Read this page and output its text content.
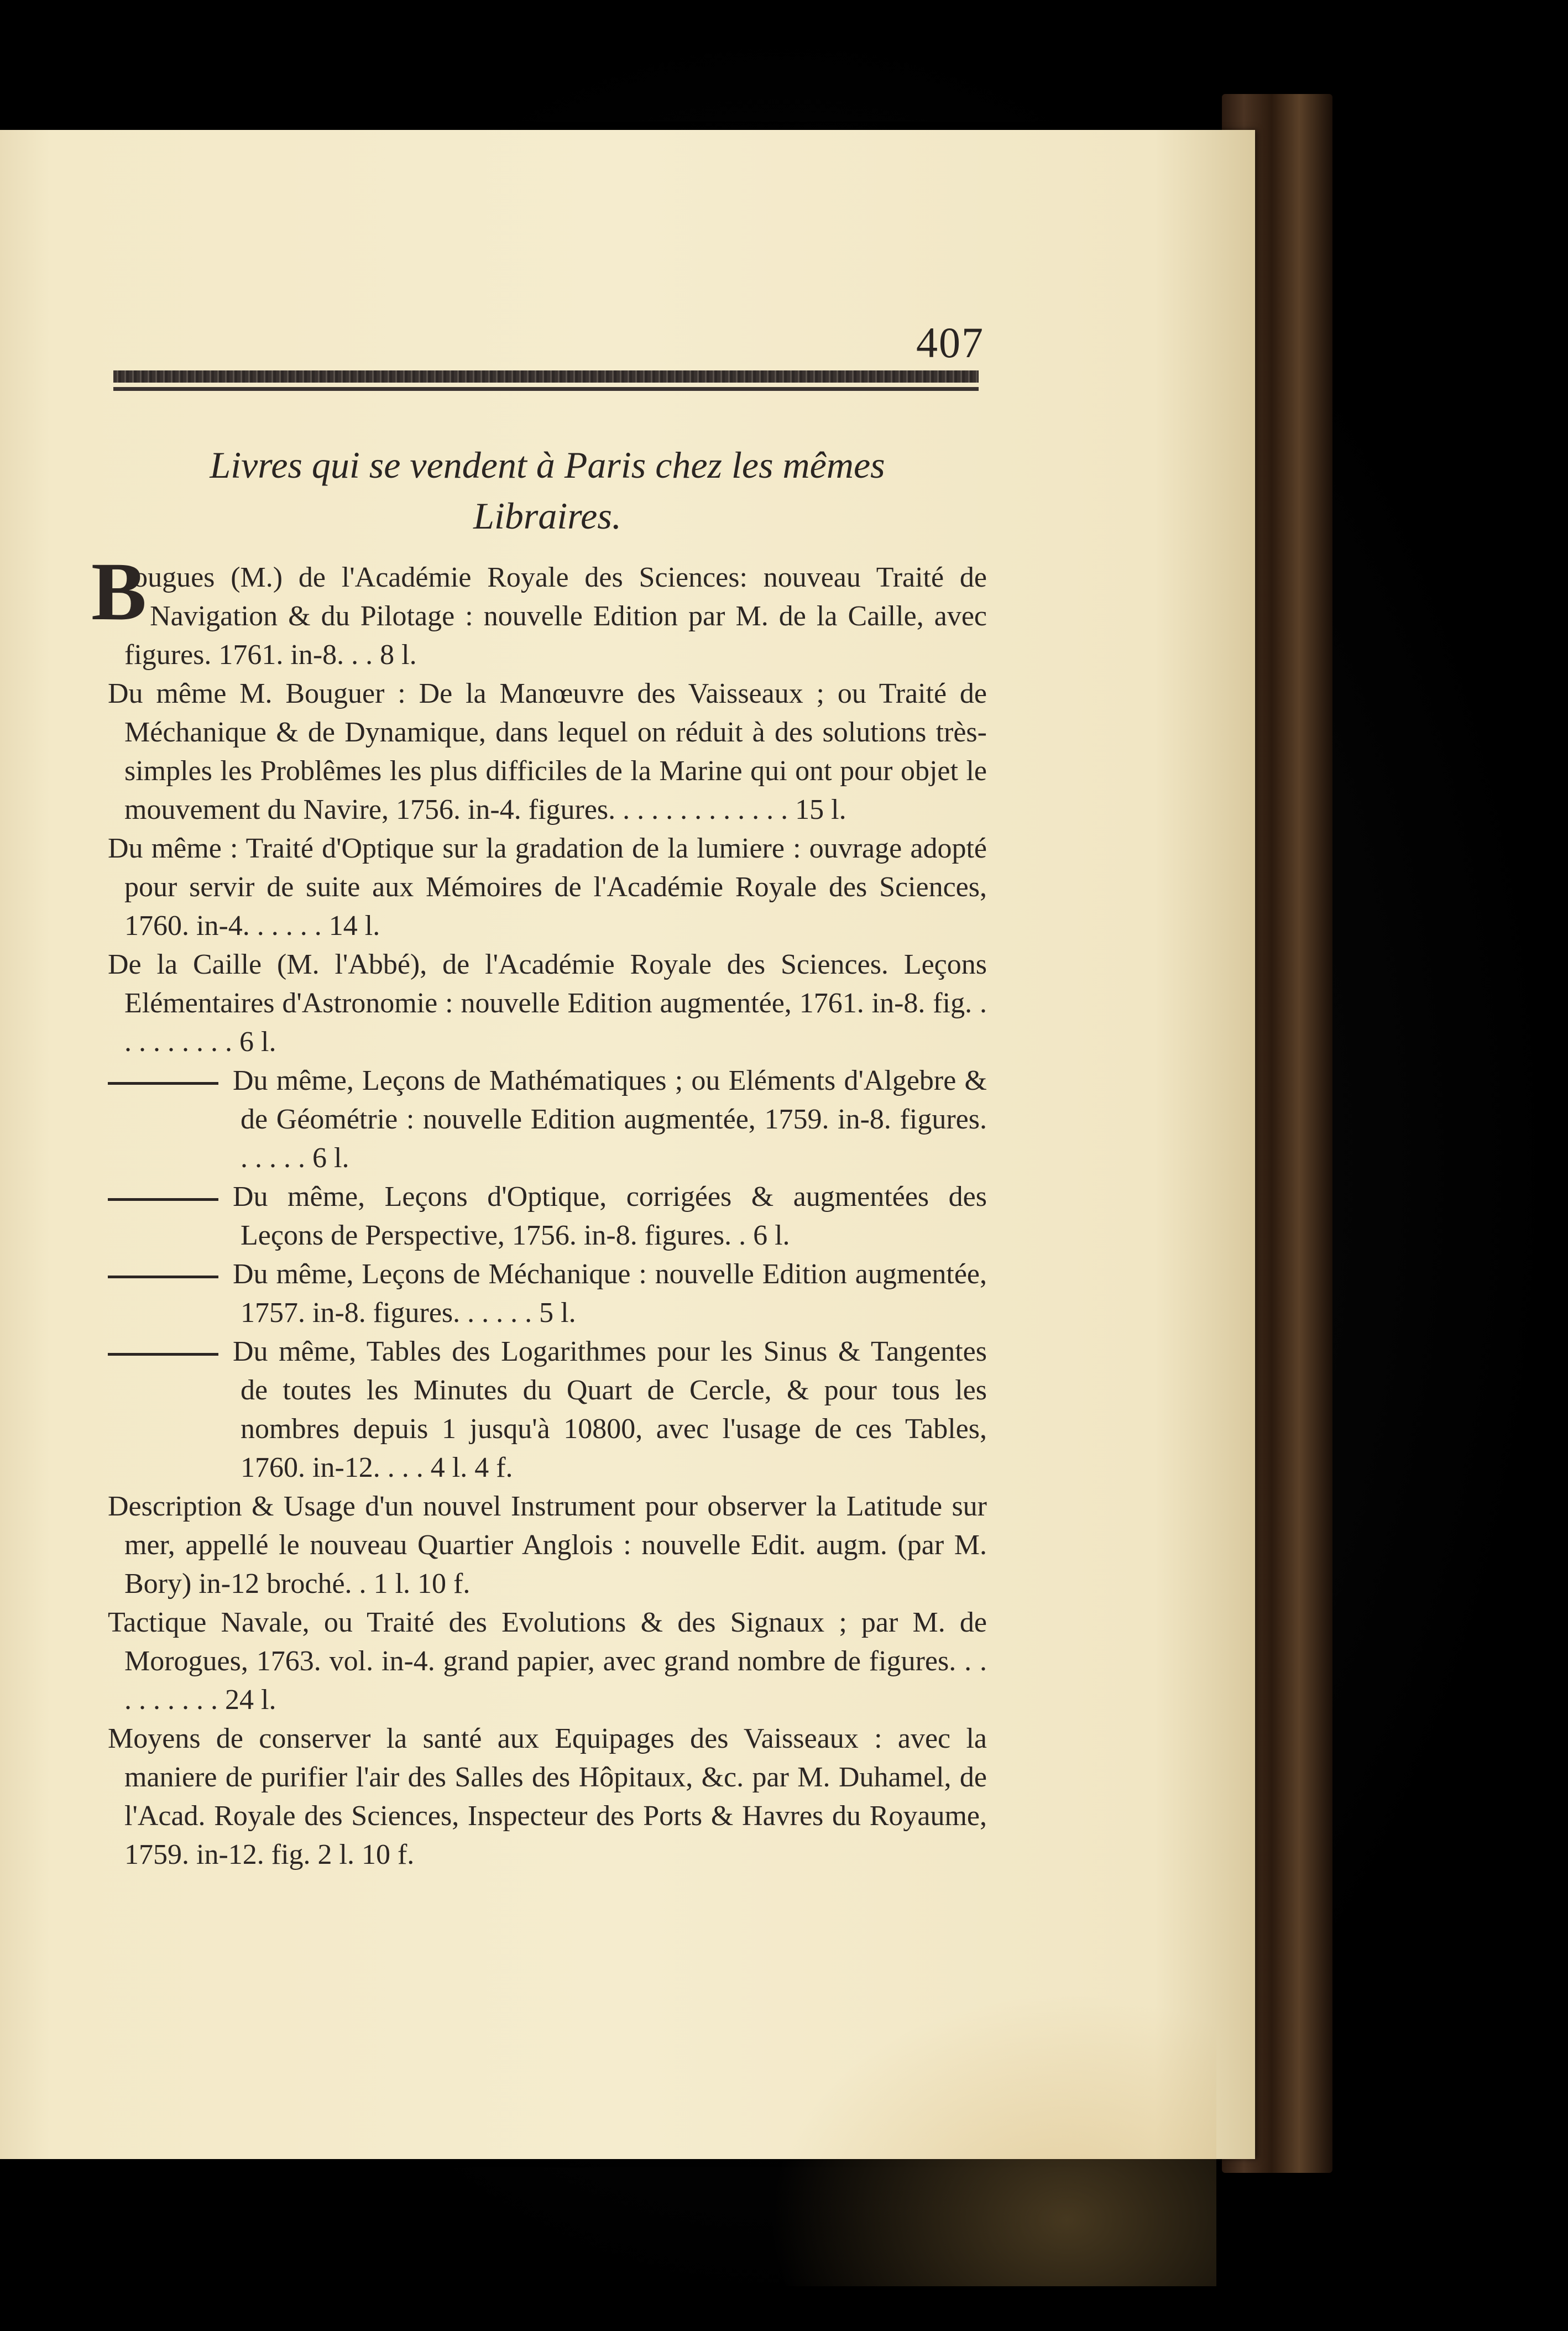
407
Livres qui se vendent à Paris chez les mêmes
Libraires.

B
ougues (M.) de l'Académie Royale des Sciences: nouveau Traité de Navigation & du Pilotage : nouvelle Edition par M. de la Caille, avec figures. 1761. in-8. . . 8 l.

Du même M. Bouguer : De la Manœuvre des Vaisseaux ; ou Traité de Méchanique & de Dynamique, dans lequel on réduit à des solutions très-simples les Problêmes les plus difficiles de la Marine qui ont pour objet le mouvement du Navire, 1756. in-4. figures. . . . . . . . . . . . . 15 l.

Du même : Traité d'Optique sur la gradation de la lumiere : ouvrage adopté pour servir de suite aux Mémoires de l'Académie Royale des Sciences, 1760. in-4. . . . . . 14 l.

De la Caille (M. l'Abbé), de l'Académie Royale des Sciences. Leçons Elémentaires d'Astronomie : nouvelle Edition augmentée, 1761. in-8. fig. . . . . . . . . . 6 l.

Du même, Leçons de Mathématiques ; ou Eléments d'Algebre & de Géométrie : nouvelle Edition augmentée, 1759. in-8. figures. . . . . . 6 l.

Du même, Leçons d'Optique, corrigées & augmentées des Leçons de Perspective, 1756. in-8. figures. . 6 l.

Du même, Leçons de Méchanique : nouvelle Edition augmentée, 1757. in-8. figures. . . . . . 5 l.

Du même, Tables des Logarithmes pour les Sinus & Tangentes de toutes les Minutes du Quart de Cercle, & pour tous les nombres depuis 1 jusqu'à 10800, avec l'usage de ces Tables, 1760. in-12. . . . 4 l. 4 f.

Description & Usage d'un nouvel Instrument pour observer la Latitude sur mer, appellé le nouveau Quartier Anglois : nouvelle Edit. augm. (par M. Bory) in-12 broché. . 1 l. 10 f.

Tactique Navale, ou Traité des Evolutions & des Signaux ; par M. de Morogues, 1763. vol. in-4. grand papier, avec grand nombre de figures. . . . . . . . . . 24 l.

Moyens de conserver la santé aux Equipages des Vaisseaux : avec la maniere de purifier l'air des Salles des Hôpitaux, &c. par M. Duhamel, de l'Acad. Royale des Sciences, Inspecteur des Ports & Havres du Royaume, 1759. in-12. fig. 2 l. 10 f.
